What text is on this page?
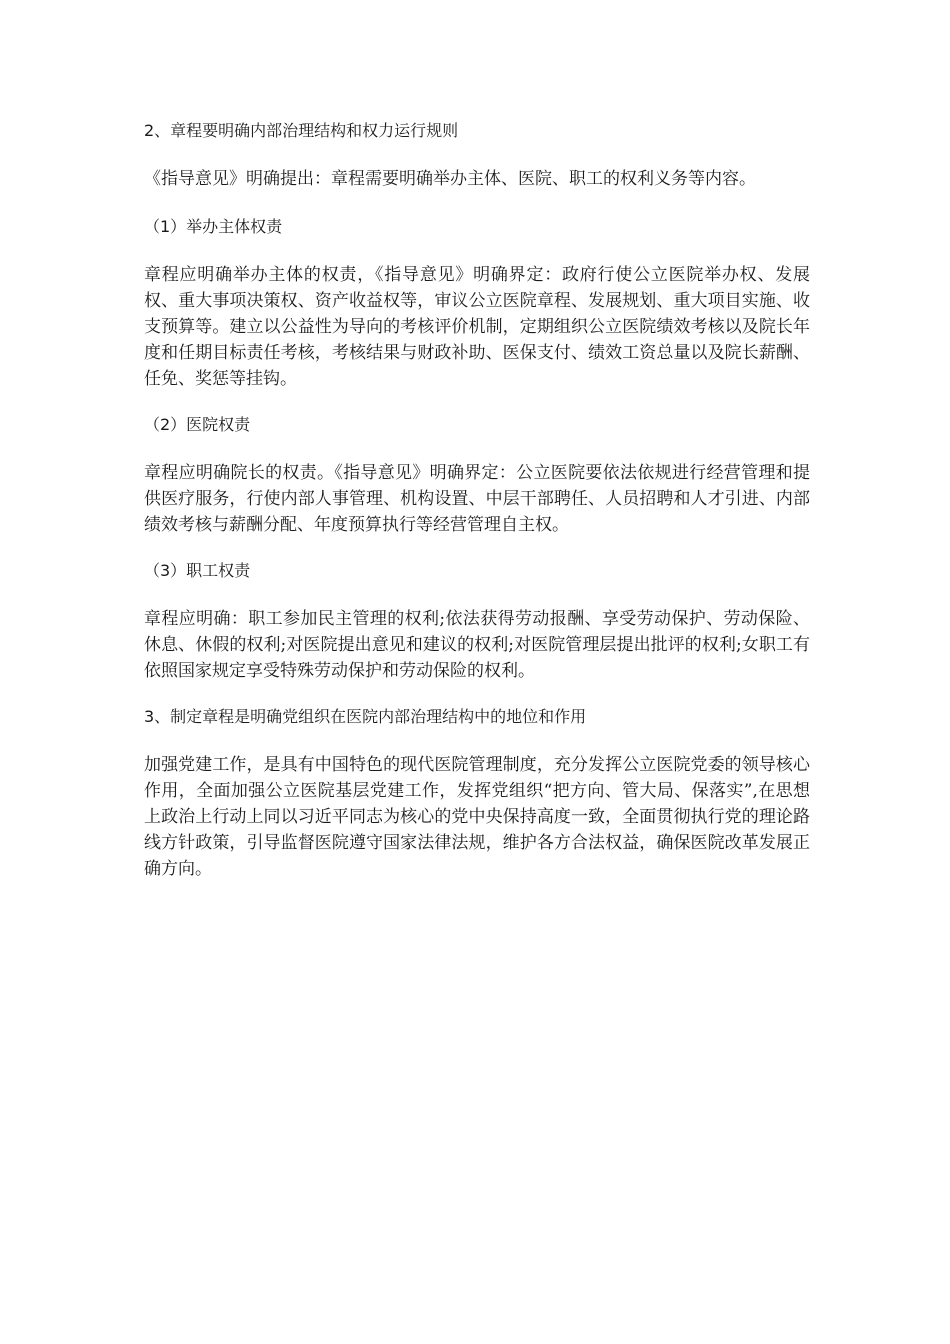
2、章程要明确内部治理结构和权力运行规则
《指导意见》明确提出：章程需要明确举办主体、医院、职工的权利义务等内容。
（1）举办主体权责
章程应明确举办主体的权责，《指导意见》明确界定：政府行使公立医院举办权、发展权、重大事项决策权、资产收益权等，审议公立医院章程、发展规划、重大项目实施、收支预算等。建立以公益性为导向的考核评价机制，定期组织公立医院绩效考核以及院长年度和任期目标责任考核，考核结果与财政补助、医保支付、绩效工资总量以及院长薪酬、任免、奖惩等挂钩。
（2）医院权责
章程应明确院长的权责。《指导意见》明确界定：公立医院要依法依规进行经营管理和提供医疗服务，行使内部人事管理、机构设置、中层干部聘任、人员招聘和人才引进、内部绩效考核与薪酬分配、年度预算执行等经营管理自主权。
（3）职工权责
章程应明确：职工参加民主管理的权利;依法获得劳动报酬、享受劳动保护、劳动保险、休息、休假的权利;对医院提出意见和建议的权利;对医院管理层提出批评的权利;女职工有依照国家规定享受特殊劳动保护和劳动保险的权利。
3、制定章程是明确党组织在医院内部治理结构中的地位和作用
加强党建工作，是具有中国特色的现代医院管理制度，充分发挥公立医院党委的领导核心作用，全面加强公立医院基层党建工作，发挥党组织“把方向、管大局、保落实”,在思想上政治上行动上同以习近平同志为核心的党中央保持高度一致，全面贯彻执行党的理论路线方针政策，引导监督医院遵守国家法律法规，维护各方合法权益，确保医院改革发展正确方向。
